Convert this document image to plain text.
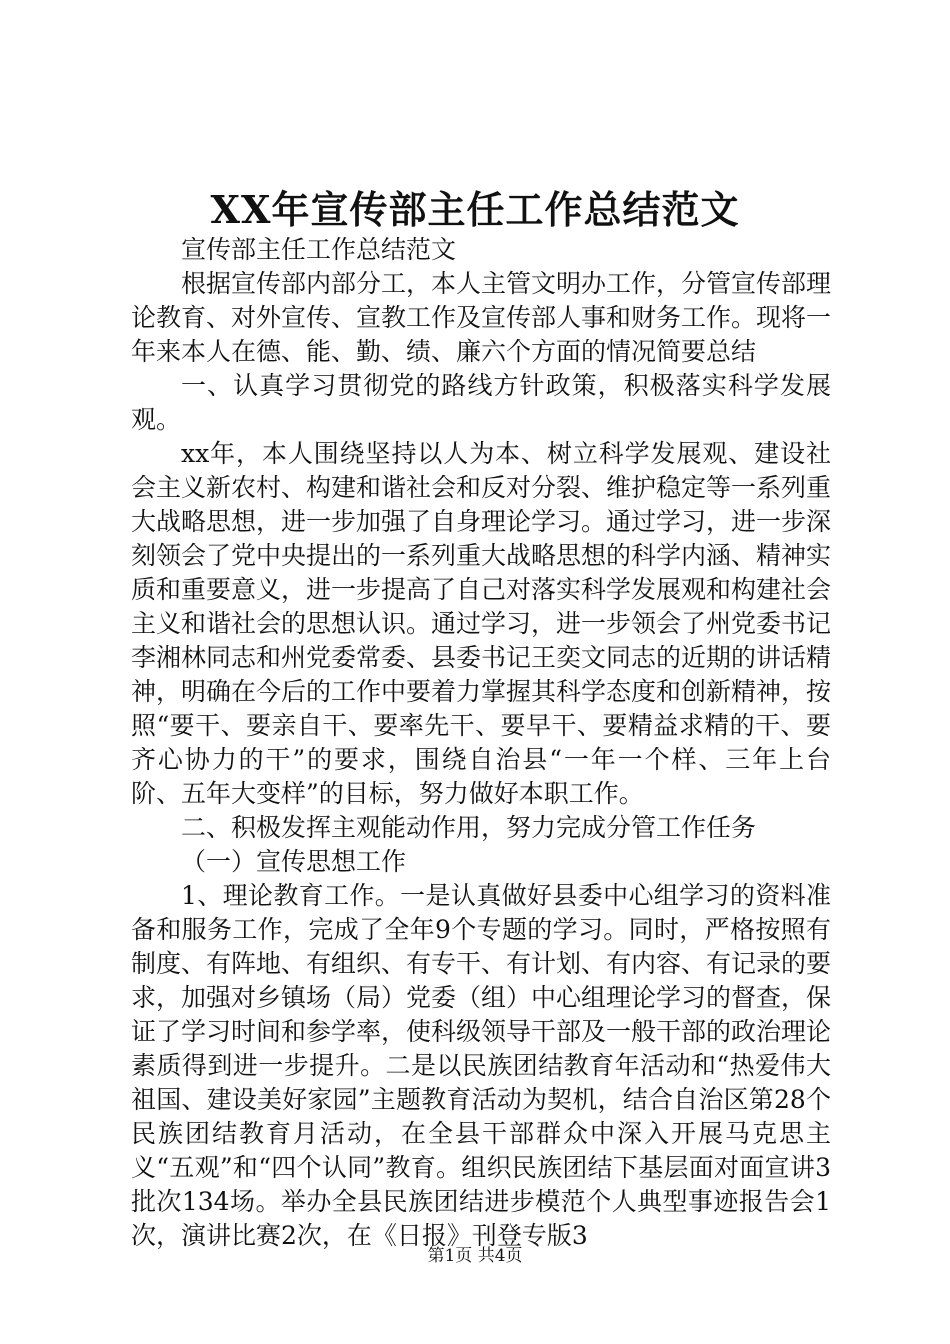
XX年宣传部主任工作总结范文

宣传部主任工作总结范文

根据宣传部内部分工，本人主管文明办工作，分管宣传部理论教育、对外宣传、宣教工作及宣传部人事和财务工作。现将一年来本人在德、能、勤、绩、廉六个方面的情况简要总结

一、认真学习贯彻党的路线方针政策，积极落实科学发展观。

xx年，本人围绕坚持以人为本、树立科学发展观、建设社会主义新农村、构建和谐社会和反对分裂、维护稳定等一系列重大战略思想，进一步加强了自身理论学习。通过学习，进一步深刻领会了党中央提出的一系列重大战略思想的科学内涵、精神实质和重要意义，进一步提高了自己对落实科学发展观和构建社会主义和谐社会的思想认识。通过学习，进一步领会了州党委书记李湘林同志和州党委常委、县委书记王奕文同志的近期的讲话精神，明确在今后的工作中要着力掌握其科学态度和创新精神，按照“要干、要亲自干、要率先干、要早干、要精益求精的干、要齐心协力的干”的要求，围绕自治县“一年一个样、三年上台阶、五年大变样”的目标，努力做好本职工作。

二、积极发挥主观能动作用，努力完成分管工作任务

（一）宣传思想工作

1、理论教育工作。一是认真做好县委中心组学习的资料准备和服务工作，完成了全年9个专题的学习。同时，严格按照有制度、有阵地、有组织、有专干、有计划、有内容、有记录的要求，加强对乡镇场（局）党委（组）中心组理论学习的督查，保证了学习时间和参学率，使科级领导干部及一般干部的政治理论素质得到进一步提升。二是以民族团结教育年活动和“热爱伟大祖国、建设美好家园”主题教育活动为契机，结合自治区第28个民族团结教育月活动，在全县干部群众中深入开展马克思主义“五观”和“四个认同”教育。组织民族团结下基层面对面宣讲3批次134场。举办全县民族团结进步模范个人典型事迹报告会1次，演讲比赛2次，在《日报》刊登专版3

第1页 共4页
